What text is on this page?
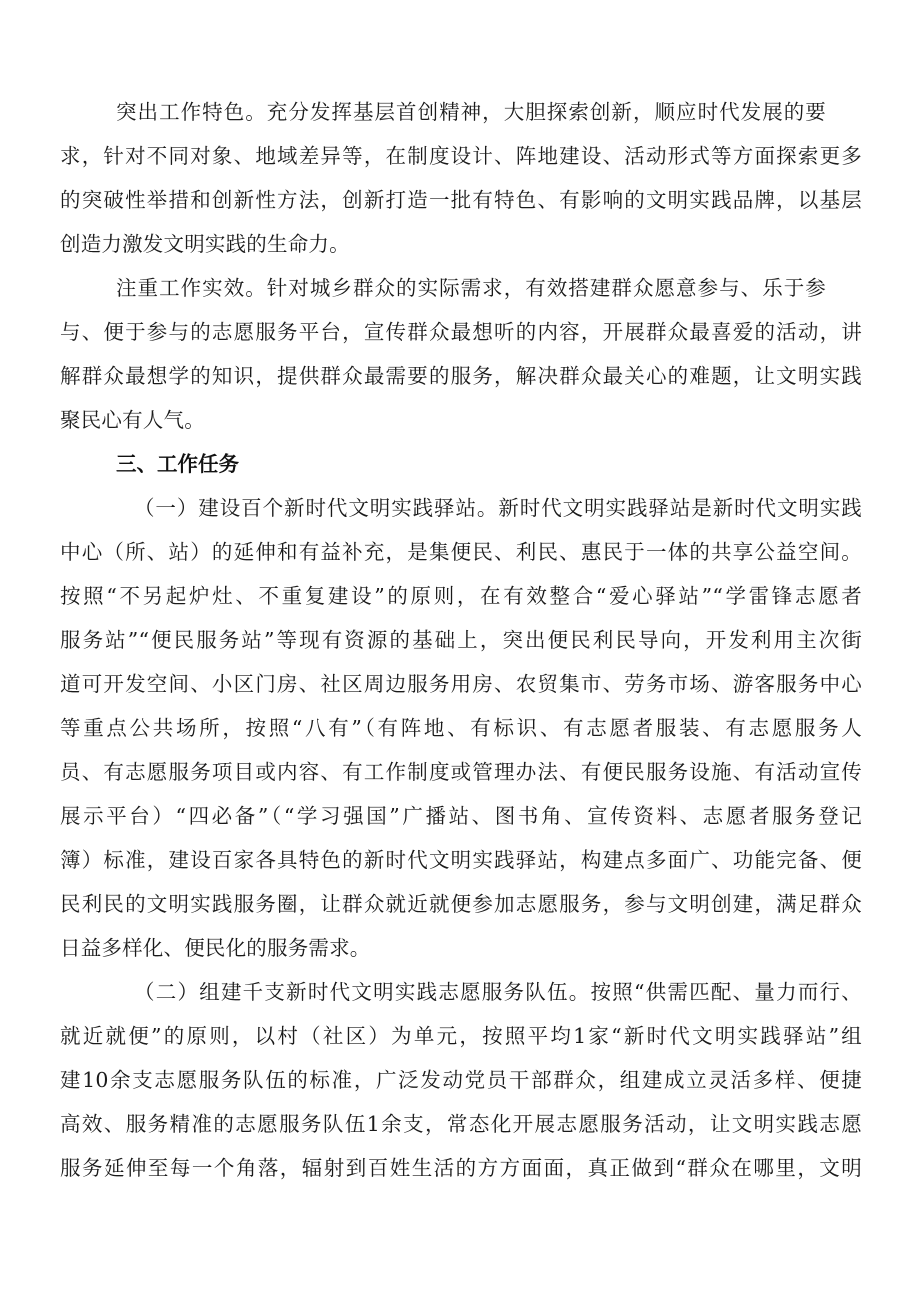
突出工作特色。充分发挥基层首创精神，大胆探索创新，顺应时代发展的要
求，针对不同对象、地域差异等，在制度设计、阵地建设、活动形式等方面探索更多
的突破性举措和创新性方法，创新打造一批有特色、有影响的文明实践品牌，以基层
创造力激发文明实践的生命力。
注重工作实效。针对城乡群众的实际需求，有效搭建群众愿意参与、乐于参
与、便于参与的志愿服务平台，宣传群众最想听的内容，开展群众最喜爱的活动，讲
解群众最想学的知识，提供群众最需要的服务，解决群众最关心的难题，让文明实践
聚民心有人气。
三、工作任务
（一）建设百个新时代文明实践驿站。新时代文明实践驿站是新时代文明实践
中心（所、站）的延伸和有益补充，是集便民、利民、惠民于一体的共享公益空间。
按照“不另起炉灶、不重复建设”的原则，在有效整合“爱心驿站”“学雷锋志愿者
服务站”“便民服务站”等现有资源的基础上，突出便民利民导向，开发利用主次街
道可开发空间、小区门房、社区周边服务用房、农贸集市、劳务市场、游客服务中心
等重点公共场所，按照“八有”（有阵地、有标识、有志愿者服装、有志愿服务人
员、有志愿服务项目或内容、有工作制度或管理办法、有便民服务设施、有活动宣传
展示平台）“四必备”（“学习强国”广播站、图书角、宣传资料、志愿者服务登记
簿）标准，建设百家各具特色的新时代文明实践驿站，构建点多面广、功能完备、便
民利民的文明实践服务圈，让群众就近就便参加志愿服务，参与文明创建，满足群众
日益多样化、便民化的服务需求。
（二）组建千支新时代文明实践志愿服务队伍。按照“供需匹配、量力而行、
就近就便”的原则，以村（社区）为单元，按照平均1家“新时代文明实践驿站”组
建10余支志愿服务队伍的标准，广泛发动党员干部群众，组建成立灵活多样、便捷
高效、服务精准的志愿服务队伍1余支，常态化开展志愿服务活动，让文明实践志愿
服务延伸至每一个角落，辐射到百姓生活的方方面面，真正做到“群众在哪里，文明
